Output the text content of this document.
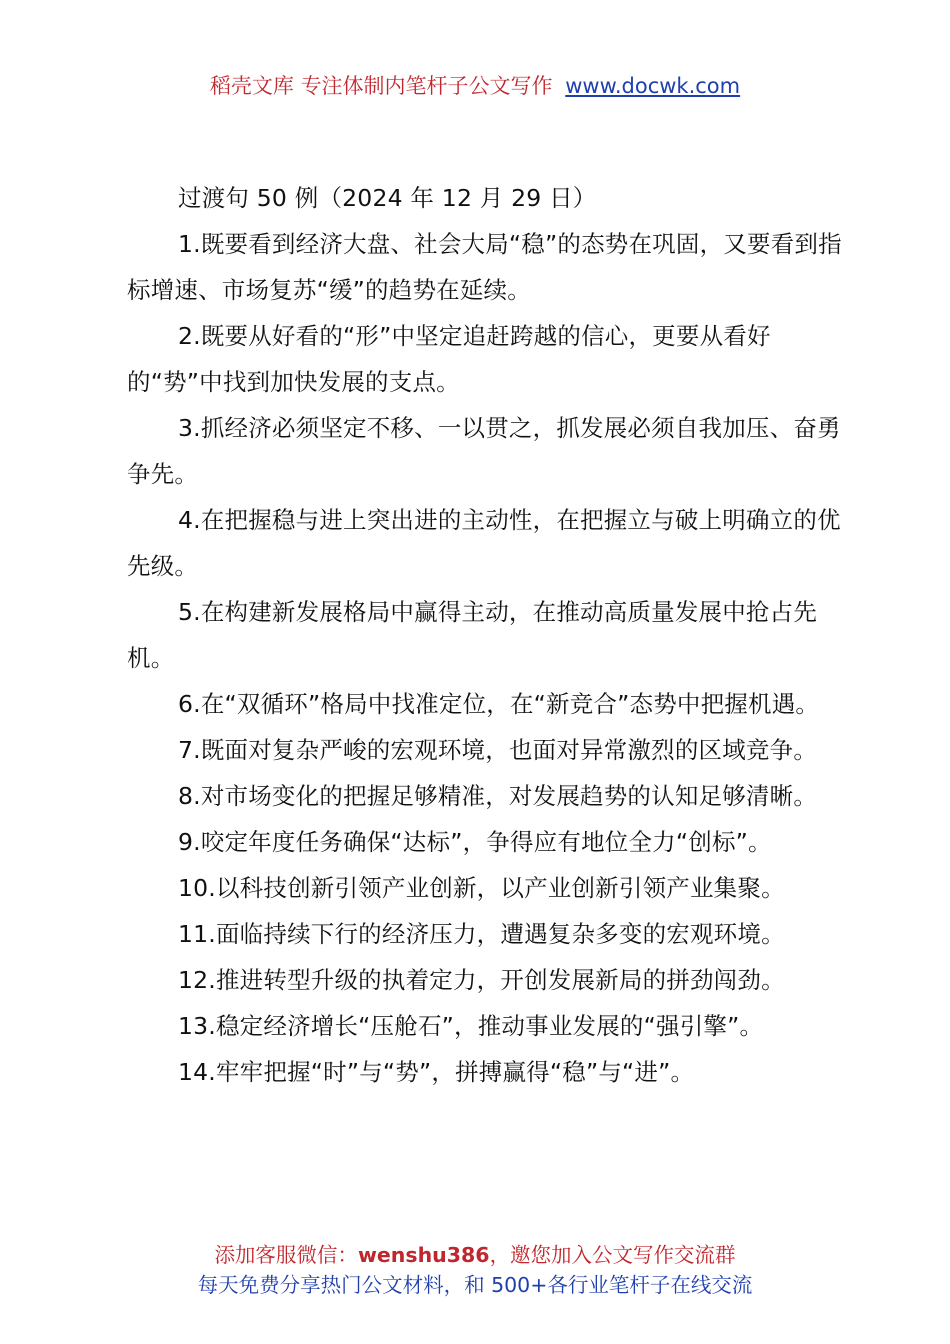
稻壳文库 专注体制内笔杆子公文写作 www.docwk.com

过渡句 50 例（2024 年 12 月 29 日）

1.既要看到经济大盘、社会大局“稳”的态势在巩固，又要看到指标增速、市场复苏“缓”的趋势在延续。

2.既要从好看的“形”中坚定追赶跨越的信心，更要从看好的“势”中找到加快发展的支点。

3.抓经济必须坚定不移、一以贯之，抓发展必须自我加压、奋勇争先。

4.在把握稳与进上突出进的主动性，在把握立与破上明确立的优先级。

5.在构建新发展格局中赢得主动，在推动高质量发展中抢占先机。

6.在“双循环”格局中找准定位，在“新竞合”态势中把握机遇。

7.既面对复杂严峻的宏观环境，也面对异常激烈的区域竞争。

8.对市场变化的把握足够精准，对发展趋势的认知足够清晰。

9.咬定年度任务确保“达标”，争得应有地位全力“创标”。

10.以科技创新引领产业创新，以产业创新引领产业集聚。

11.面临持续下行的经济压力，遭遇复杂多变的宏观环境。

12.推进转型升级的执着定力，开创发展新局的拼劲闯劲。

13.稳定经济增长“压舱石”，推动事业发展的“强引擎”。

14.牢牢把握“时”与“势”，拼搏赢得“稳”与“进”。

添加客服微信：wenshu386，邀您加入公文写作交流群
每天免费分享热门公文材料，和 500+各行业笔杆子在线交流
